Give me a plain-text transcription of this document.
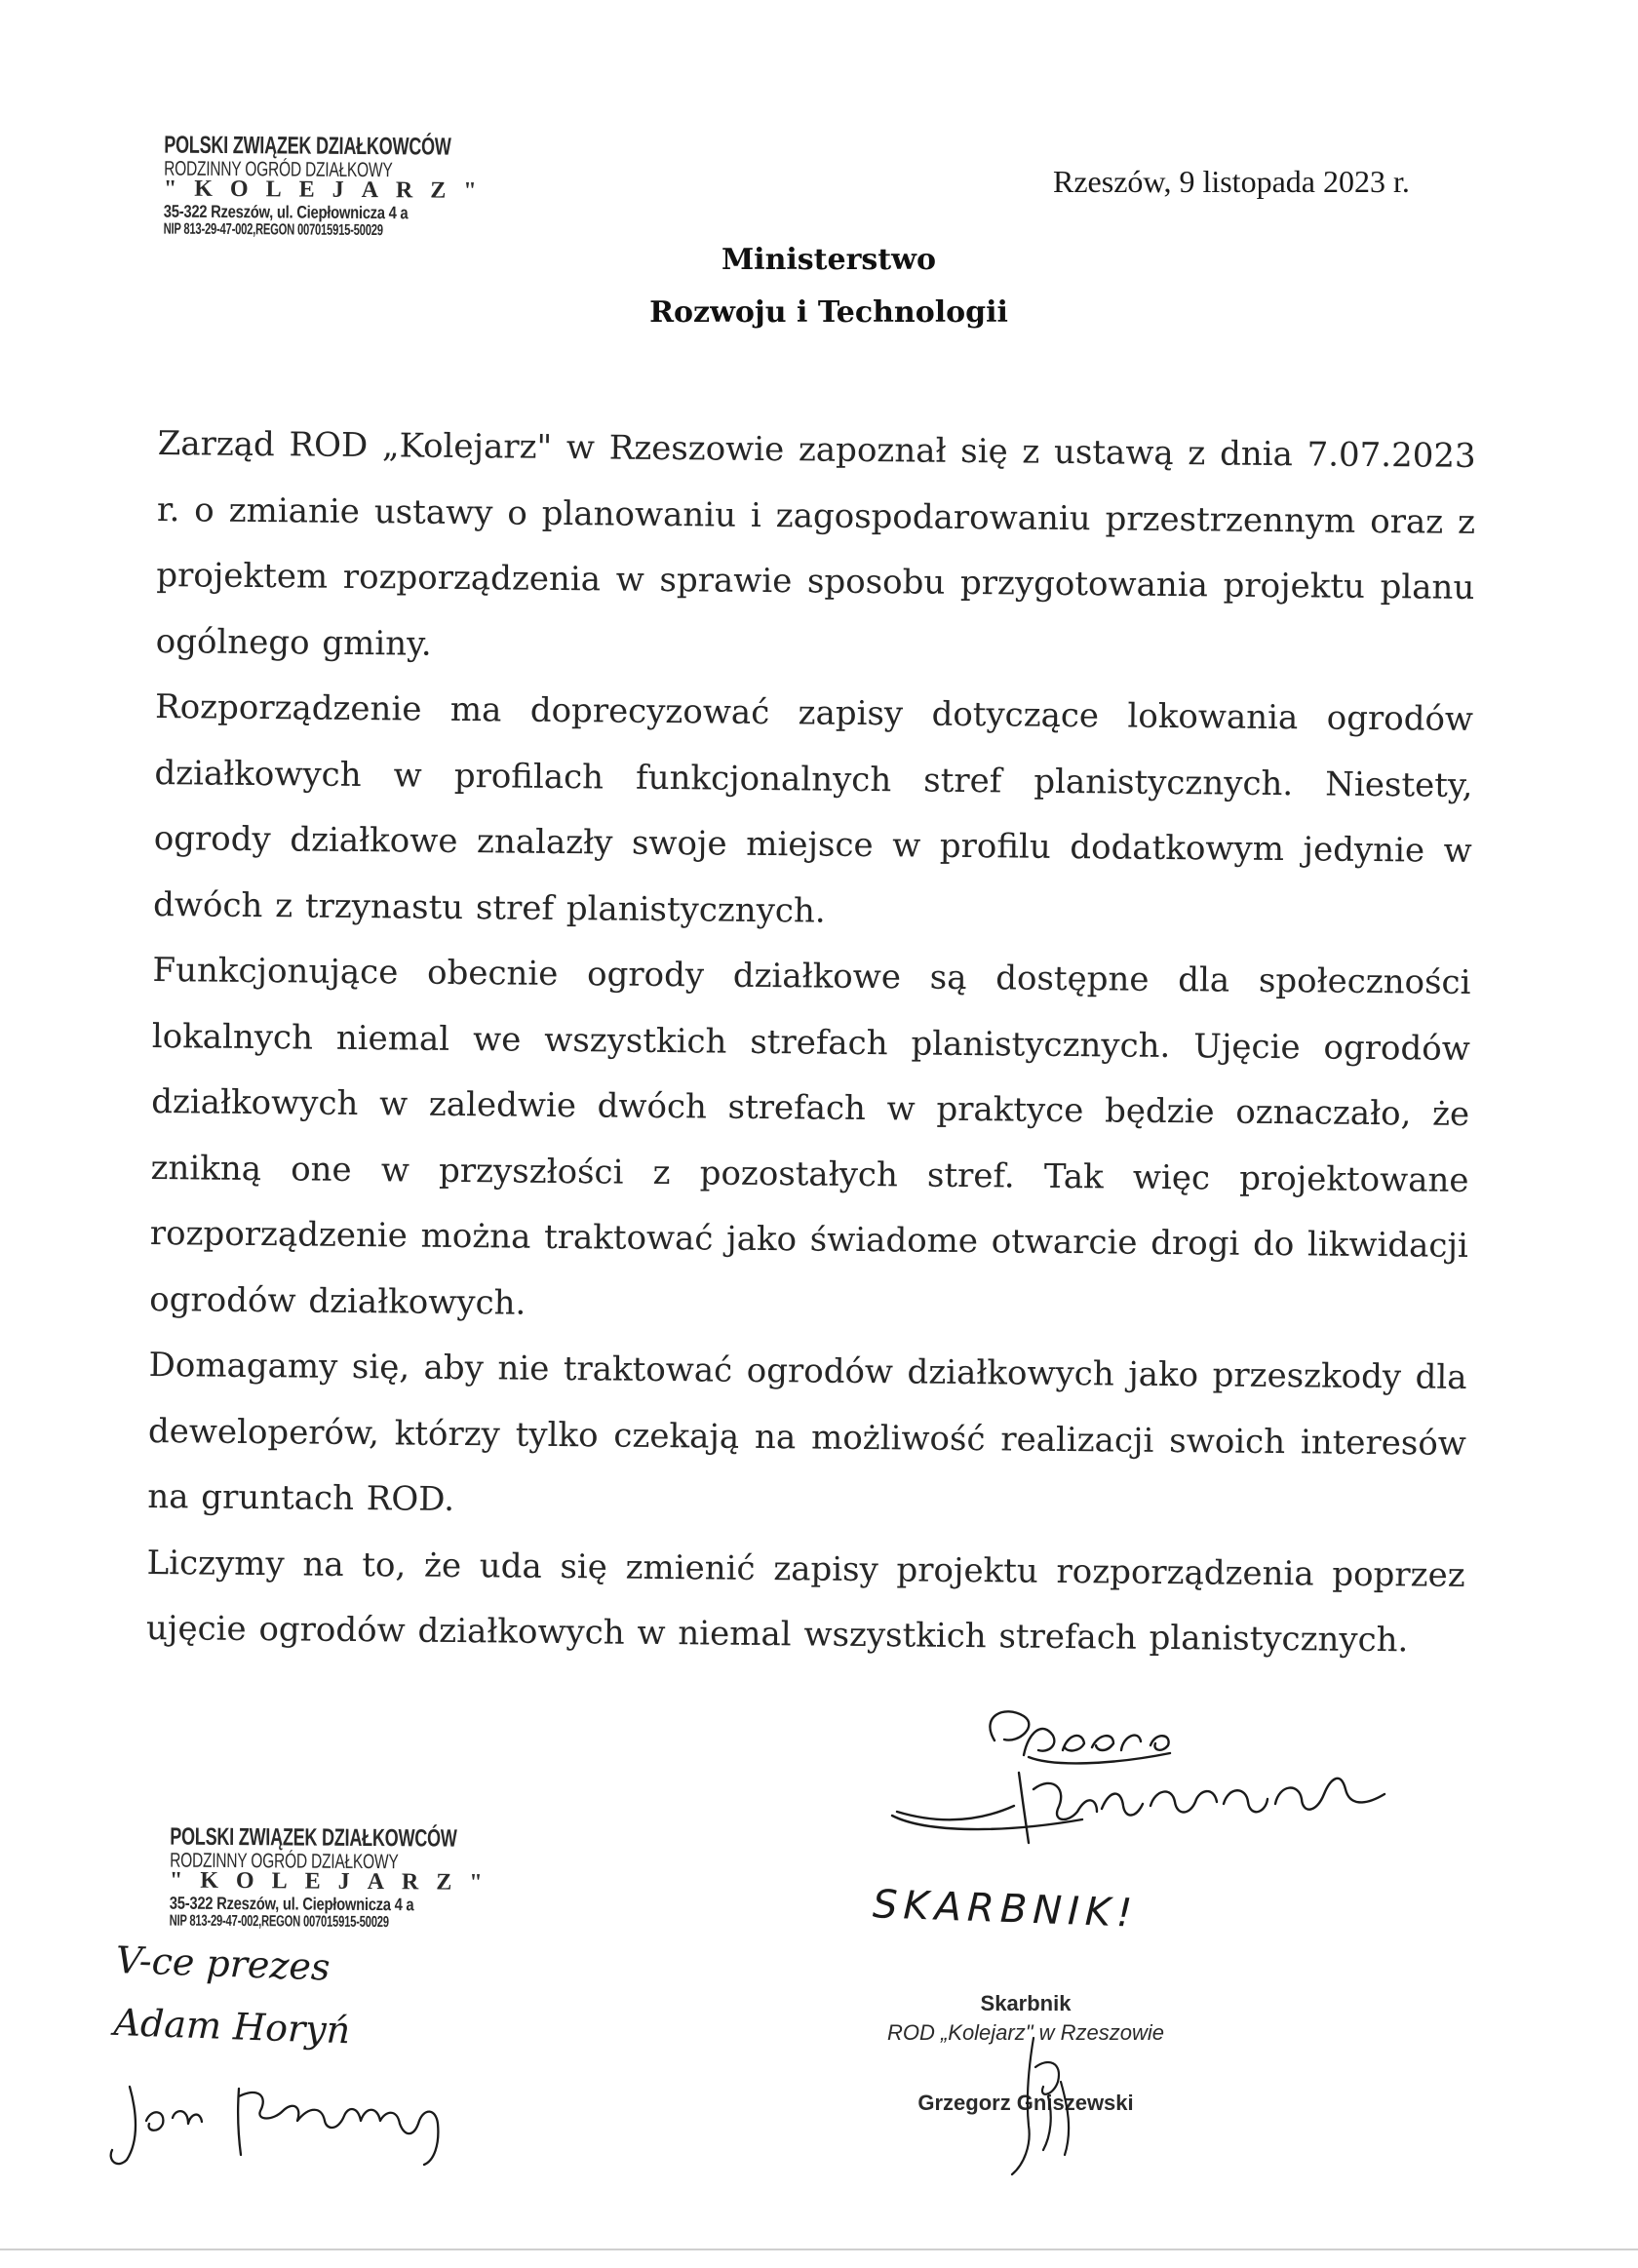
POLSKI ZWIĄZEK DZIAŁKOWCÓW
RODZINNY OGRÓD DZIAŁKOWY
"KOLEJARZ"
35-322 Rzeszów, ul. Ciepłownicza 4 a
NIP 813-29-47-002,REGON 007015915-50029
Rzeszów, 9 listopada 2023 r.
Ministerstwo
Rozwoju i Technologii

Zarząd ROD „Kolejarz" w Rzeszowie zapoznał się z ustawą z dnia 7.07.2023 r. o zmianie ustawy o planowaniu i zagospodarowaniu przestrzennym oraz z projektem rozporządzenia w sprawie sposobu przygotowania projektu planu ogólnego gminy.

Rozporządzenie ma doprecyzować zapisy dotyczące lokowania ogrodów działkowych w profilach funkcjonalnych stref planistycznych. Niestety, ogrody działkowe znalazły swoje miejsce w profilu dodatkowym jedynie w dwóch z trzynastu stref planistycznych.

Funkcjonujące obecnie ogrody działkowe są dostępne dla społeczności lokalnych niemal we wszystkich strefach planistycznych. Ujęcie ogrodów działkowych w zaledwie dwóch strefach w praktyce będzie oznaczało, że znikną one w przyszłości z pozostałych stref. Tak więc projektowane rozporządzenie można traktować jako świadome otwarcie drogi do likwidacji ogrodów działkowych.

Domagamy się, aby nie traktować ogrodów działkowych jako przeszkody dla deweloperów, którzy tylko czekają na możliwość realizacji swoich interesów na gruntach ROD.

Liczymy na to, że uda się zmienić zapisy projektu rozporządzenia poprzez ujęcie ogrodów działkowych w niemal wszystkich strefach planistycznych.

POLSKI ZWIĄZEK DZIAŁKOWCÓW
RODZINNY OGRÓD DZIAŁKOWY
"KOLEJARZ"
35-322 Rzeszów, ul. Ciepłownicza 4 a
NIP 813-29-47-002,REGON 007015915-50029
V-ce prezes
Adam Horyń
SKARBNIK!
Skarbnik
ROD „Kolejarz" w Rzeszowie
Grzegorz Gniszewski
